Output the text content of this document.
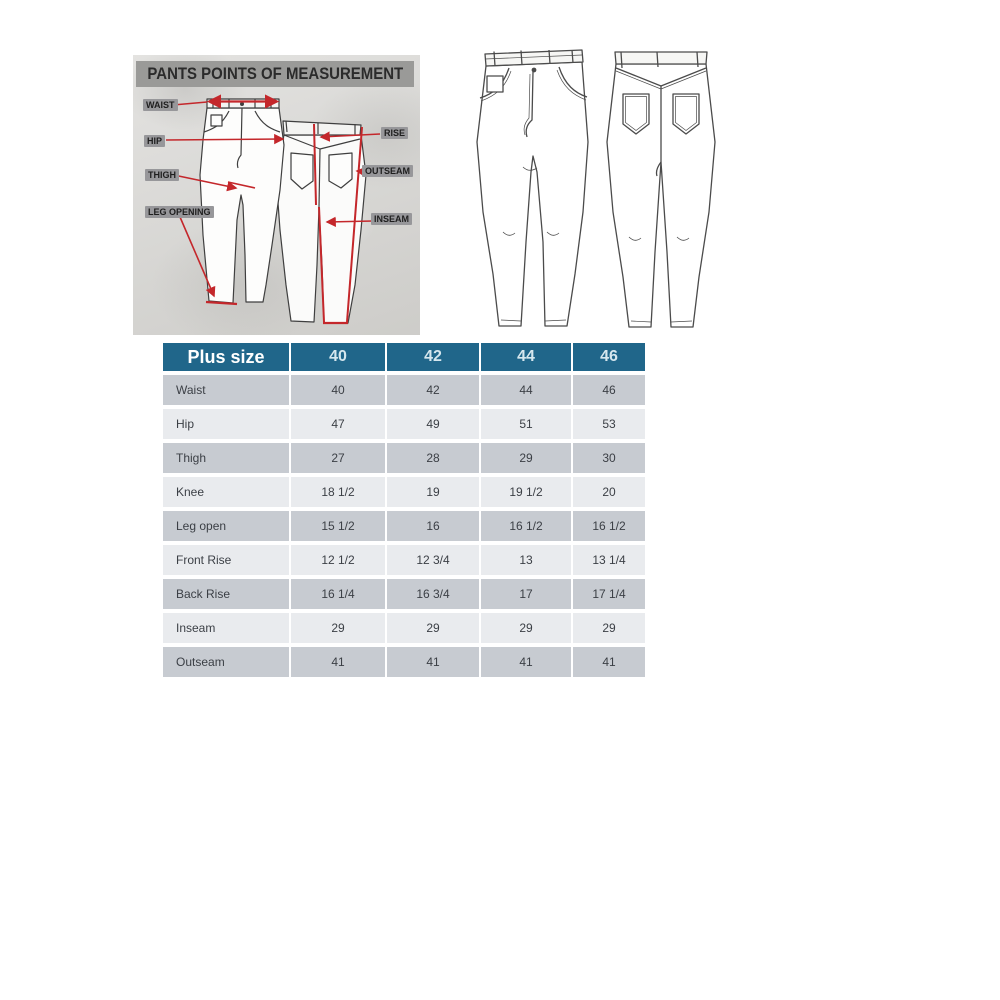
PANTS POINTS OF MEASUREMENT
WAIST
HIP
THIGH
LEG OPENING
RISE
OUTSEAM
INSEAM
Plus size	40	42	44	46
Waist	40	42	44	46
Hip	47	49	51	53
Thigh	27	28	29	30
Knee	18 1/2	19	19 1/2	20
Leg open	15 1/2	16	16 1/2	16 1/2
Front Rise	12 1/2	12 3/4	13	13 1/4
Back Rise	16 1/4	16 3/4	17	17 1/4
Inseam	29	29	29	29
Outseam	41	41	41	41
